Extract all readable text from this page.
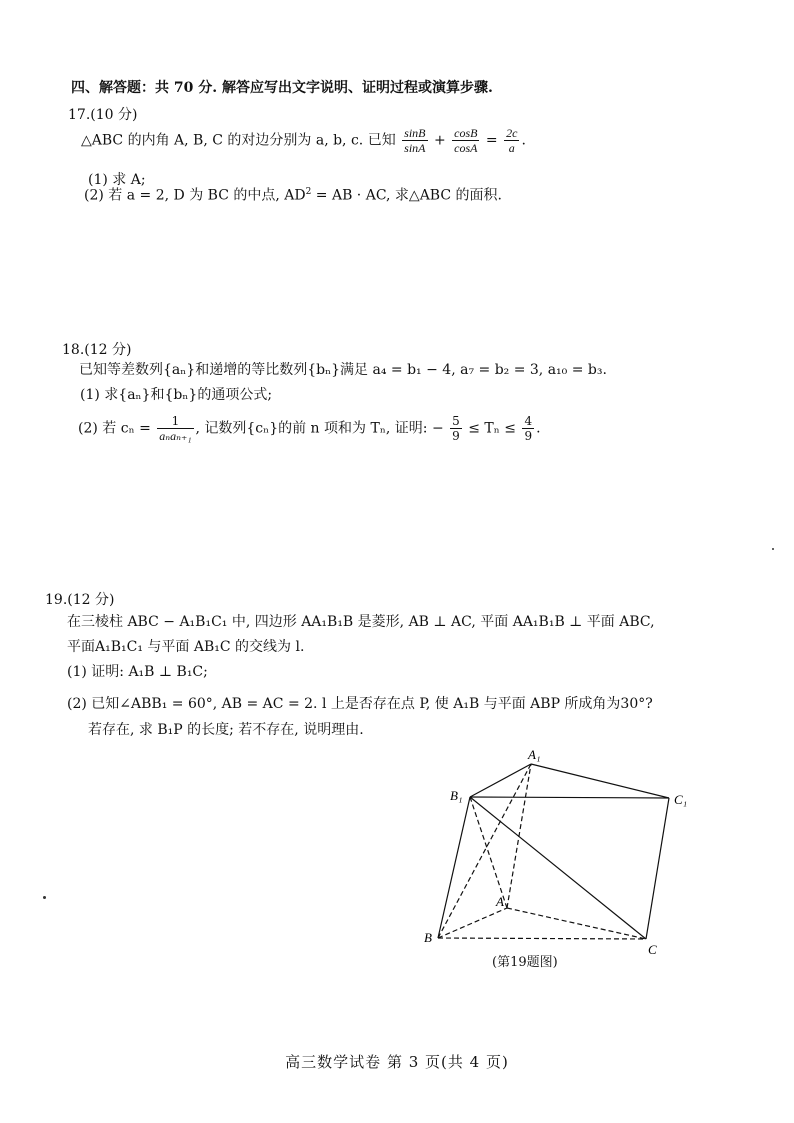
四、解答题：共 70 分. 解答应写出文字说明、证明过程或演算步骤.
17.(10 分)
△ABC 的内角 A, B, C 的对边分别为 a, b, c. 已知 $\frac{\sin B}{\sin A} + \frac{\cos B}{\cos A} = \frac{2c}{a}$ .
(1) 求 A;
(2) 若 a = 2, D 为 BC 的中点, $AD^2$ = AB · AC, 求△ABC 的面积.
18.(12 分)
已知等差数列{aₙ}和递增的等比数列{bₙ}满足 a₄ = b₁ − 4, a₇ = b₂ = 3, a₁₀ = b₃.
(1) 求{aₙ}和{bₙ}的通项公式;
(2) 若 $c_n = \frac{1}{\text{aₙaₙ₊₁}}$ , 记数列{cₙ}的前 n 项和为 Tₙ, 证明: − $\frac{5}{9} \le T_n \le \frac{4}{9}$ .
19.(12 分)
在三棱柱 ABC − A₁B₁C₁ 中, 四边形 AA₁B₁B 是菱形, AB ⊥ AC, 平面 AA₁B₁B ⊥ 平面 ABC,
平面A₁B₁C₁ 与平面 AB₁C 的交线为 l.
(1) 证明: A₁B ⊥ B₁C;
(2) 已知∠ABB₁ = 60°, AB = AC = 2. l 上是否存在点 P, 使 A₁B 与平面 ABP 所成角为30°?
若存在, 求 B₁P 的长度; 若不存在, 说明理由.
A₁
B₁	C₁
A
B
C
(第19题图)
高三数学试卷 第 3 页(共 4 页)
